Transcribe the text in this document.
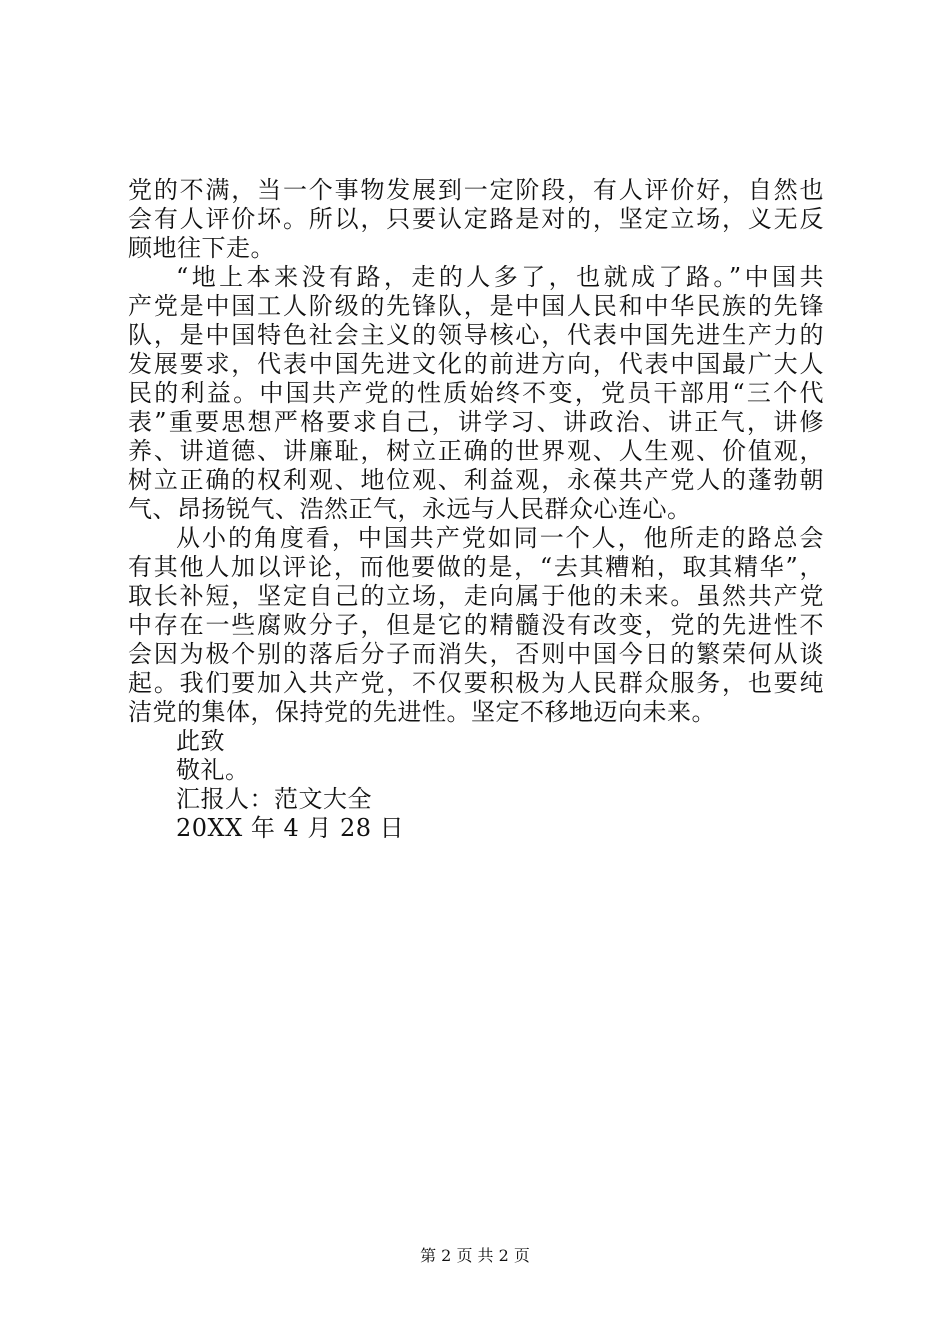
党的不满，当一个事物发展到一定阶段，有人评价好，自然也
会有人评价坏。所以，只要认定路是对的，坚定立场，义无反
顾地往下走。
“地上本来没有路，走的人多了，也就成了路。”中国共
产党是中国工人阶级的先锋队，是中国人民和中华民族的先锋
队，是中国特色社会主义的领导核心，代表中国先进生产力的
发展要求，代表中国先进文化的前进方向，代表中国最广大人
民的利益。中国共产党的性质始终不变，党员干部用“三个代
表”重要思想严格要求自己，讲学习、讲政治、讲正气，讲修
养、讲道德、讲廉耻，树立正确的世界观、人生观、价值观，
树立正确的权利观、地位观、利益观，永葆共产党人的蓬勃朝
气、昂扬锐气、浩然正气，永远与人民群众心连心。
从小的角度看，中国共产党如同一个人，他所走的路总会
有其他人加以评论，而他要做的是，“去其糟粕，取其精华”，
取长补短，坚定自己的立场，走向属于他的未来。虽然共产党
中存在一些腐败分子，但是它的精髓没有改变，党的先进性不
会因为极个别的落后分子而消失，否则中国今日的繁荣何从谈
起。我们要加入共产党，不仅要积极为人民群众服务，也要纯
洁党的集体，保持党的先进性。坚定不移地迈向未来。
此致
敬礼。
汇报人：范文大全
20XX 年 4 月 28 日
第 2 页 共 2 页
